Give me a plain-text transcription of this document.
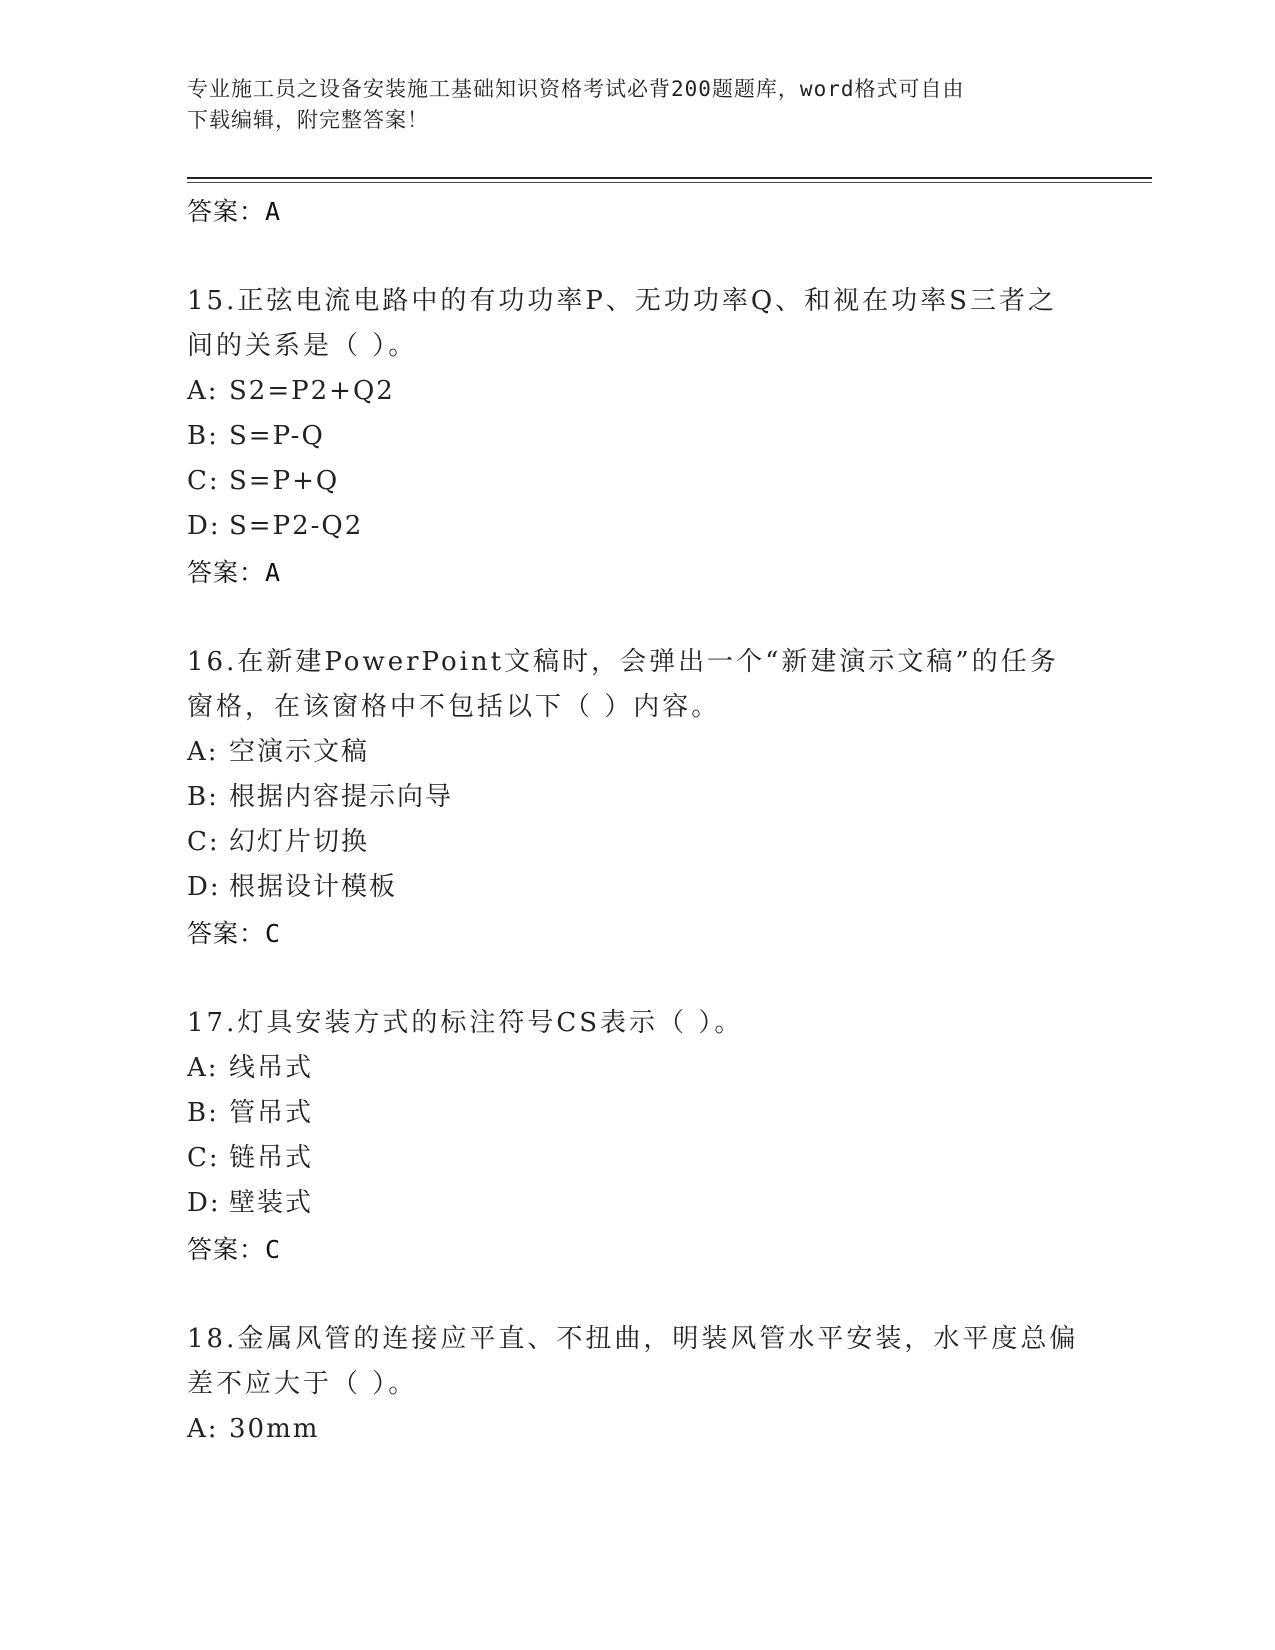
专业施工员之设备安装施工基础知识资格考试必背200题题库，word格式可自由
下载编辑，附完整答案！
答案：A
15.正弦电流电路中的有功功率P、无功功率Q、和视在功率S三者之
间的关系是（ ）。
A: S2=P2+Q2
B: S=P-Q
C: S=P+Q
D: S=P2-Q2
答案：A
16.在新建PowerPoint文稿时，会弹出一个“新建演示文稿”的任务
窗格，在该窗格中不包括以下（ ）内容。
A: 空演示文稿
B: 根据内容提示向导
C: 幻灯片切换
D: 根据设计模板
答案：C
17.灯具安装方式的标注符号CS表示（ ）。
A: 线吊式
B: 管吊式
C: 链吊式
D: 壁装式
答案：C
18.金属风管的连接应平直、不扭曲，明装风管水平安装，水平度总偏
差不应大于（ ）。
A: 30mm
